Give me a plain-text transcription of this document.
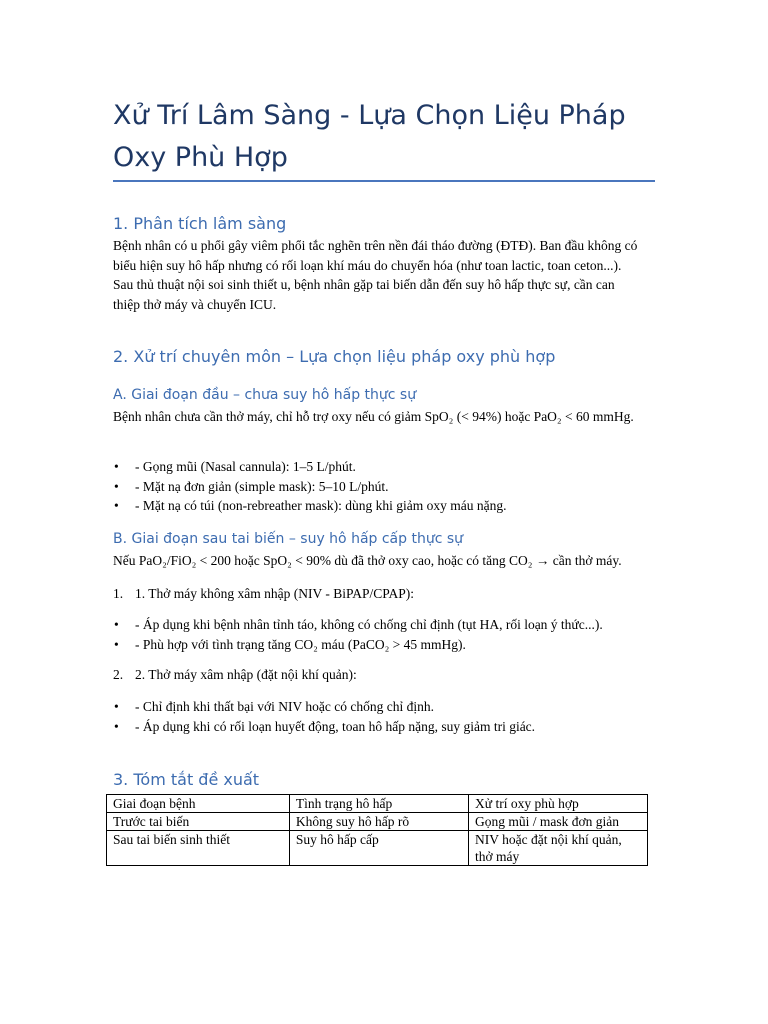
Xử Trí Lâm Sàng - Lựa Chọn Liệu Pháp Oxy Phù Hợp
1. Phân tích lâm sàng

Bệnh nhân có u phổi gây viêm phổi tắc nghẽn trên nền đái tháo đường (ĐTĐ). Ban đầu không có biểu hiện suy hô hấp nhưng có rối loạn khí máu do chuyển hóa (như toan lactic, toan ceton...). Sau thủ thuật nội soi sinh thiết u, bệnh nhân gặp tai biến dẫn đến suy hô hấp thực sự, cần can thiệp thở máy và chuyển ICU.

2. Xử trí chuyên môn – Lựa chọn liệu pháp oxy phù hợp
A. Giai đoạn đầu – chưa suy hô hấp thực sự

Bệnh nhân chưa cần thở máy, chỉ hỗ trợ oxy nếu có giảm SpO₂ (< 94%) hoặc PaO₂ < 60 mmHg.

• - Gọng mũi (Nasal cannula): 1–5 L/phút.
• - Mặt nạ đơn giản (simple mask): 5–10 L/phút.
• - Mặt nạ có túi (non-rebreather mask): dùng khi giảm oxy máu nặng.
B. Giai đoạn sau tai biến – suy hô hấp cấp thực sự

Nếu PaO₂/FiO₂ < 200 hoặc SpO₂ < 90% dù đã thở oxy cao, hoặc có tăng CO₂ → cần thở máy.

1. 1. Thở máy không xâm nhập (NIV - BiPAP/CPAP):
• - Áp dụng khi bệnh nhân tỉnh táo, không có chống chỉ định (tụt HA, rối loạn ý thức...).
• - Phù hợp với tình trạng tăng CO₂ máu (PaCO₂ > 45 mmHg).
2. 2. Thở máy xâm nhập (đặt nội khí quản):
• - Chỉ định khi thất bại với NIV hoặc có chống chỉ định.
• - Áp dụng khi có rối loạn huyết động, toan hô hấp nặng, suy giảm tri giác.
3. Tóm tắt đề xuất
Giai đoạn bệnh	Tình trạng hô hấp	Xử trí oxy phù hợp
Trước tai biến	Không suy hô hấp rõ	Gọng mũi / mask đơn giản
Sau tai biến sinh thiết	Suy hô hấp cấp	NIV hoặc đặt nội khí quản, thở máy
